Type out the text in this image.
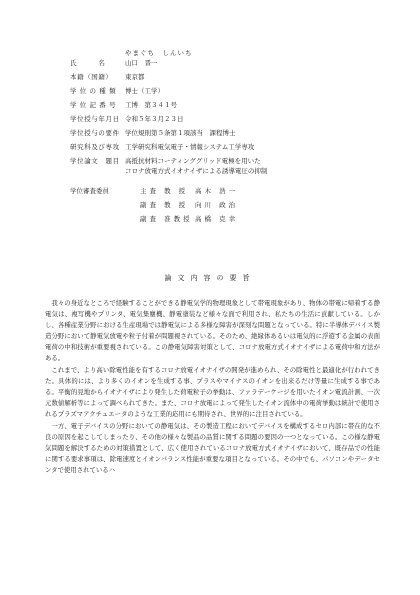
やまぐち　しんいち
氏　　　名	山口　晋一
本籍（国籍）	東京都
学 位 の 種 類	博士（工学）
学 位 記 番 号	工博　第３４１号
学位授与年月日 令和５年３月２３日
学位授与の要件 学位規則第５条第１項該当　課程博士
研究科及び専攻 工学研究科電気電子・情報システム工学専攻
学位論文　題目 高抵抗材料コーティンググリッド電極を用いた
コロナ放電方式イオナイザによる誘導電圧の抑制
学位審査委員	主査 教 授	高木 浩一
副査 教 授	向川 政治
副査 准教授 高橋 克幸
論文内容の要旨

我々の身近なところで経験することができる静電気学的物理現象として帯電現象があり、物体の帯電に帰着する静電気は、複写機やプリンタ、電気集塵機、静電塗装など様々な面で利用され、私たちの生活に貢献している。しかし、各種産業分野における生産現場では静電気による多様な障害が深刻な問題となっている。特に半導体デバイス製造分野において静電気放電や粒子付着が問題視されている。そのため、絶縁体あるいは電気的に浮遊する金属の表面電荷の中和技術が重要視されている。この静電気障害対策として、コロナ放電方式イオナイザによる電荷中和方法がある。

これまで、より高い除電性能を有するコロナ放電イオナイザの開発が進められ、その除電性と最適化が行われてきた。具体的には、より多くのイオンを生成する事、プラスやマイナスのイオンを出来るだけ等量に生成する事である。平衡的見地からイオナイザにより発生した荷電粒子の挙動は、ファラデーケージを用いたイオン電流計測、一次元数値解析等によって調べられてきた。また、コロナ放電によって発生したイオン流体中の電荷挙動は統計で使用されるプラズマアクチュエータのような工業的応用にも期待され、世界的に注目されている。

一方、電子デバイスの分野においての静電気は、その製造工程においてデバイスを構成するセロ内部に帯在的な不良の原因を起こしてしまったり、その他の様々な製品の品質に関する問題の要因の一つとなっている。この様な静電気問題を解決するための対策措置として、広く使用されているコロナ放電方式イオナイザにおいて、既存品での性能に関する要求事項は、除電速度とイオンバランス性能が重要な項目となっている。その中でも、パソコンやデータセンタで使用されているハ
